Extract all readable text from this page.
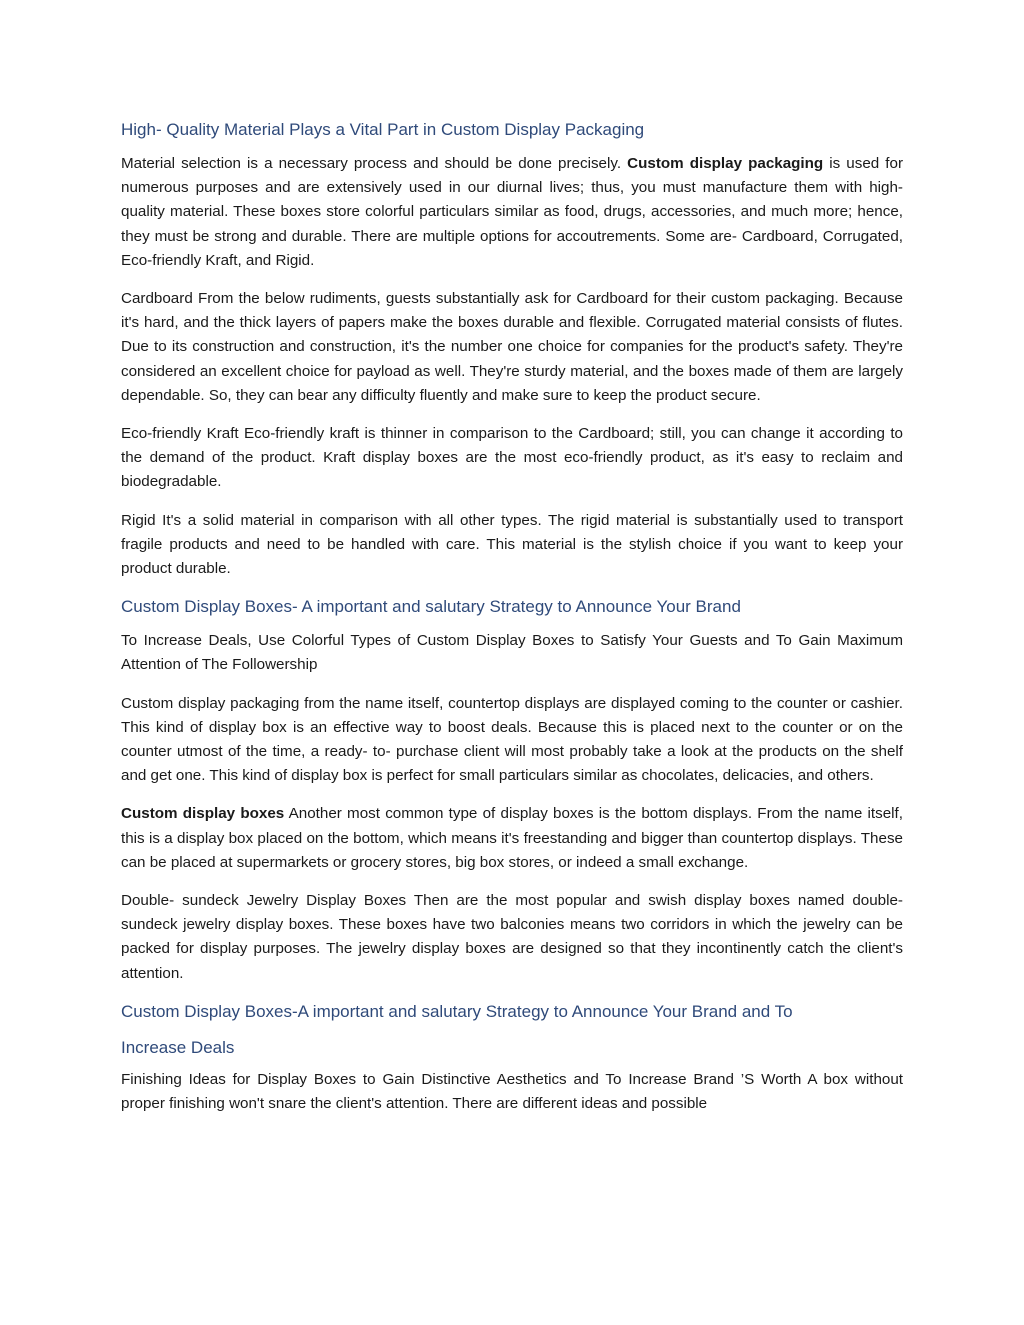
High- Quality Material Plays a Vital Part in Custom Display Packaging

Material selection is a necessary process and should be done precisely. Custom display packaging is used for numerous purposes and are extensively used in our diurnal lives; thus, you must manufacture them with high- quality material. These boxes store colorful particulars similar as food, drugs, accessories, and much more; hence, they must be strong and durable. There are multiple options for accoutrements. Some are- Cardboard, Corrugated, Eco-friendly Kraft, and Rigid.

Cardboard From the below rudiments, guests substantially ask for Cardboard for their custom packaging. Because it's hard, and the thick layers of papers make the boxes durable and flexible. Corrugated material consists of flutes. Due to its construction and construction, it's the number one choice for companies for the product's safety. They're considered an excellent choice for payload as well. They're sturdy material, and the boxes made of them are largely dependable. So, they can bear any difficulty fluently and make sure to keep the product secure.

Eco-friendly Kraft Eco-friendly kraft is thinner in comparison to the Cardboard; still, you can change it according to the demand of the product. Kraft display boxes are the most eco-friendly product, as it's easy to reclaim and biodegradable.

Rigid It's a solid material in comparison with all other types. The rigid material is substantially used to transport fragile products and need to be handled with care. This material is the stylish choice if you want to keep your product durable.

Custom Display Boxes- A important and salutary Strategy to Announce Your Brand

To Increase Deals, Use Colorful Types of Custom Display Boxes to Satisfy Your Guests and To Gain Maximum Attention of The Followership

Custom display packaging from the name itself, countertop displays are displayed coming to the counter or cashier. This kind of display box is an effective way to boost deals. Because this is placed next to the counter or on the counter utmost of the time, a ready- to- purchase client will most probably take a look at the products on the shelf and get one. This kind of display box is perfect for small particulars similar as chocolates, delicacies, and others.

Custom display boxes Another most common type of display boxes is the bottom displays. From the name itself, this is a display box placed on the bottom, which means it's freestanding and bigger than countertop displays. These can be placed at supermarkets or grocery stores, big box stores, or indeed a small exchange.

Double- sundeck Jewelry Display Boxes Then are the most popular and swish display boxes named double- sundeck jewelry display boxes. These boxes have two balconies means two corridors in which the jewelry can be packed for display purposes. The jewelry display boxes are designed so that they incontinently catch the client's attention.

Custom Display Boxes-A important and salutary Strategy to Announce Your Brand and To
Increase Deals

Finishing Ideas for Display Boxes to Gain Distinctive Aesthetics and To Increase Brand ’S Worth A box without proper finishing won't snare the client's attention. There are different ideas and possible
